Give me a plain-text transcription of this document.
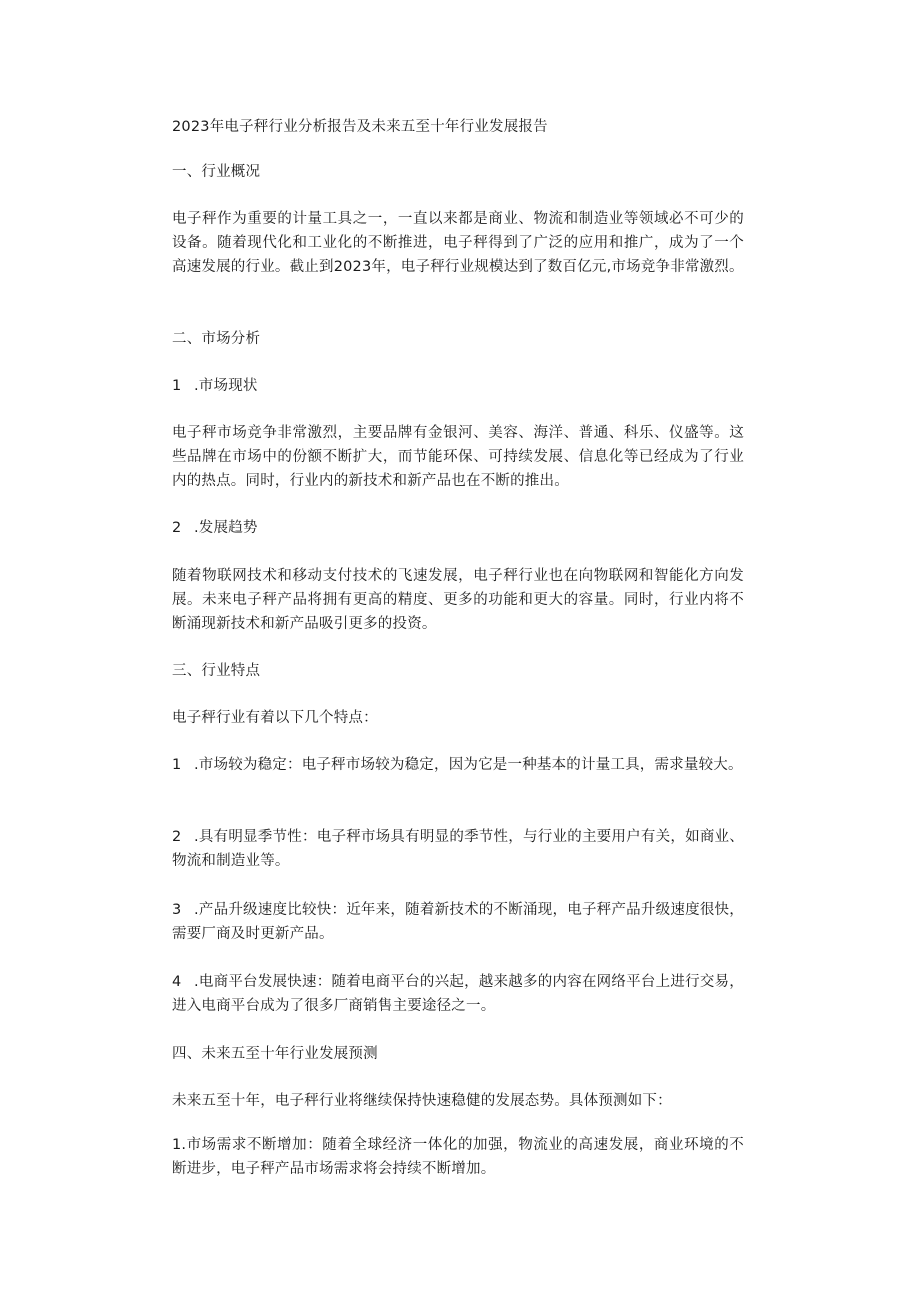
2023年电子秤行业分析报告及未来五至十年行业发展报告

一、行业概况

电子秤作为重要的计量工具之一，一直以来都是商业、物流和制造业等领域必不可少的设备。随着现代化和工业化的不断推进，电子秤得到了广泛的应用和推广，成为了一个高速发展的行业。截止到2023年，电子秤行业规模达到了数百亿元,市场竞争非常激烈。

二、市场分析

1 .市场现状

电子秤市场竞争非常激烈，主要品牌有金银河、美容、海洋、普通、科乐、仪盛等。这些品牌在市场中的份额不断扩大，而节能环保、可持续发展、信息化等已经成为了行业内的热点。同时，行业内的新技术和新产品也在不断的推出。

2 .发展趋势

随着物联网技术和移动支付技术的飞速发展，电子秤行业也在向物联网和智能化方向发展。未来电子秤产品将拥有更高的精度、更多的功能和更大的容量。同时，行业内将不断涌现新技术和新产品吸引更多的投资。

三、行业特点

电子秤行业有着以下几个特点：

1 .市场较为稳定：电子秤市场较为稳定，因为它是一种基本的计量工具，需求量较大。

2 .具有明显季节性：电子秤市场具有明显的季节性，与行业的主要用户有关，如商业、物流和制造业等。

3 .产品升级速度比较快：近年来，随着新技术的不断涌现，电子秤产品升级速度很快，需要厂商及时更新产品。

4 .电商平台发展快速：随着电商平台的兴起，越来越多的内容在网络平台上进行交易，进入电商平台成为了很多厂商销售主要途径之一。

四、未来五至十年行业发展预测

未来五至十年，电子秤行业将继续保持快速稳健的发展态势。具体预测如下：

1.市场需求不断增加：随着全球经济一体化的加强，物流业的高速发展，商业环境的不断进步，电子秤产品市场需求将会持续不断增加。
